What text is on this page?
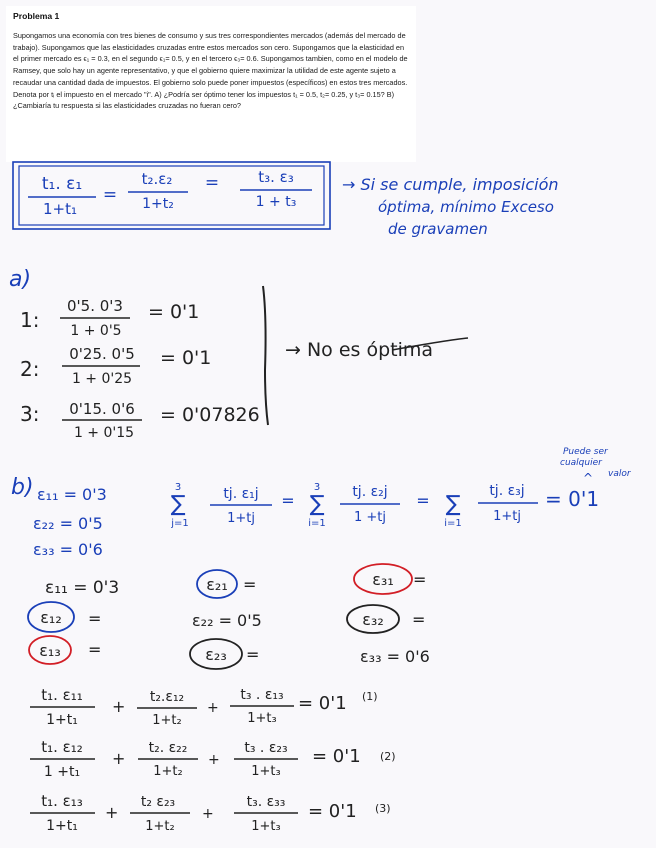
Problema 1

Supongamos una economía con tres bienes de consumo y sus tres correspondientes mercados (además del mercado de trabajo). Supongamos que las elasticidades cruzadas entre estos mercados son cero. Supongamos que la elasticidad en el primer mercado es ϵ₁ = 0.3, en el segundo ϵ₁= 0.5, y en el tercero ϵ₃= 0.6. Supongamos tambien, como en el modelo de Ramsey, que solo hay un agente representativo, y que el gobierno quiere maximizar la utilidad de este agente sujeto a recaudar una cantidad dada de impuestos. El gobierno solo puede poner impuestos (específicos) en estos tres mercados. Denota por tᵢ el impuesto en el mercado "i". A) ¿Podría ser óptimo tener los impuestos t₁ = 0.5, t₂= 0.25, y t₃= 0.15? B) ¿Cambiaría tu respuesta si las elasticidades cruzadas no fueran cero?

t₁. ε₁
1+t₁
=
t₂.ε₂
1+t₂
=	t₃. ε₃
1 + t₃
→ Si se cumple, imposición
óptima, mínimo Exceso
de gravamen
a)
1:
0'5. 0'3
1 + 0'5
= 0'1
2:
0'25. 0'5
1 + 0'25
= 0'1
3: 0'15. 0'6
1 + 0'15
= 0'07826
→ No es óptima
b) ε₁₁ = 0'3
ε₂₂ = 0'5
ε₃₃ = 0'6
3
∑
j=1
tj. ε₁j
1+tj
=
3
∑
i=1
tj. ε₂j
1 +tj
= ∑
i=1
tj. ε₃j
1+tj
= 0'1
^
Puede ser
cualquier
valor
ε₁₁ = 0'3	ε₂₁ =	ε₃₁ =
ε₁₂ =	ε₂₂ = 0'5	ε₃₂ =
ε₁₃ =	ε₂₃ =	ε₃₃ = 0'6
t₁. ε₁₁
1+t₁
+ t₂.ε₁₂
1+t₂
+
t₃ . ε₁₃
1+t₃
= 0'1 (1)
t₁. ε₁₂
1 +t₁
+
t₂. ε₂₂
1+t₂
+
t₃ . ε₂₃
1+t₃
= 0'1 (2)
t₁. ε₁₃
1+t₁
+
t₂ ε₂₃
1+t₂
+
t₃. ε₃₃
1+t₃
= 0'1 (3)
